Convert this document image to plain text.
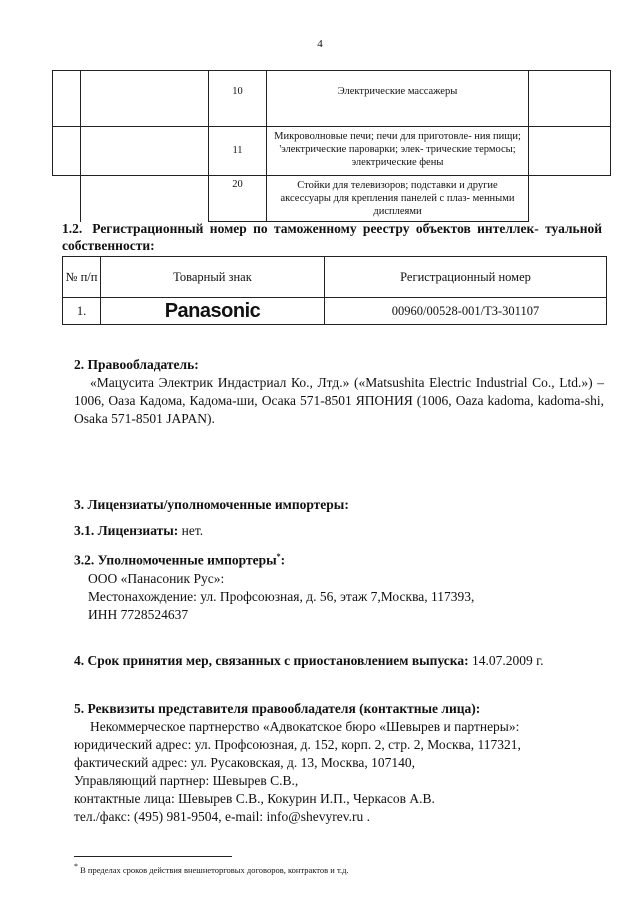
4
		10	Электрические массажеры	
		11	Микроволновые печи; печи для приготовле- ния пищи; 'электрические пароварки; элек- трические термосы; электрические фены	
		20	Стойки для телевизоров; подставки и другие аксессуары для крепления панелей с плаз- менными дисплеями	
1.2. Регистрационный номер по таможенному реестру объектов интеллек- туальной собственности:
№ п/п	Товарный знак	Регистрационный номер
1.	Panasonic	00960/00528-001/ТЗ-301107
2. Правообладатель:
«Мацусита Электрик Индастриал Ко., Лтд.» («Matsushita Electric Industrial Co., Ltd.») – 1006, Оаза Кадома, Кадома-ши, Осака 571-8501 ЯПОНИЯ (1006, Oaza kadoma, kadoma-shi, Osaka 571-8501 JAPAN).
3. Лицензиаты/уполномоченные импортеры:
3.1. Лицензиаты: нет.
3.2. Уполномоченные импортеры*:
ООО «Панасоник Рус»:
Местонахождение: ул. Профсоюзная, д. 56, этаж 7,Москва, 117393,
ИНН 7728524637
4. Срок принятия мер, связанных с приостановлением выпуска: 14.07.2009 г.
5. Реквизиты представителя правообладателя (контактные лица):
Некоммерческое партнерство «Адвокатское бюро «Шевырев и партнеры»:
юридический адрес: ул. Профсоюзная, д. 152, корп. 2, стр. 2, Москва, 117321,
фактический адрес: ул. Русаковская, д. 13, Москва, 107140,
Управляющий партнер: Шевырев С.В.,
контактные лица: Шевырев С.В., Кокурин И.П., Черкасов А.В.
тел./факс: (495) 981-9504, e-mail: info@shevyrev.ru .
* В пределах сроков действия внешнеторговых договоров, контрактов и т.д.
